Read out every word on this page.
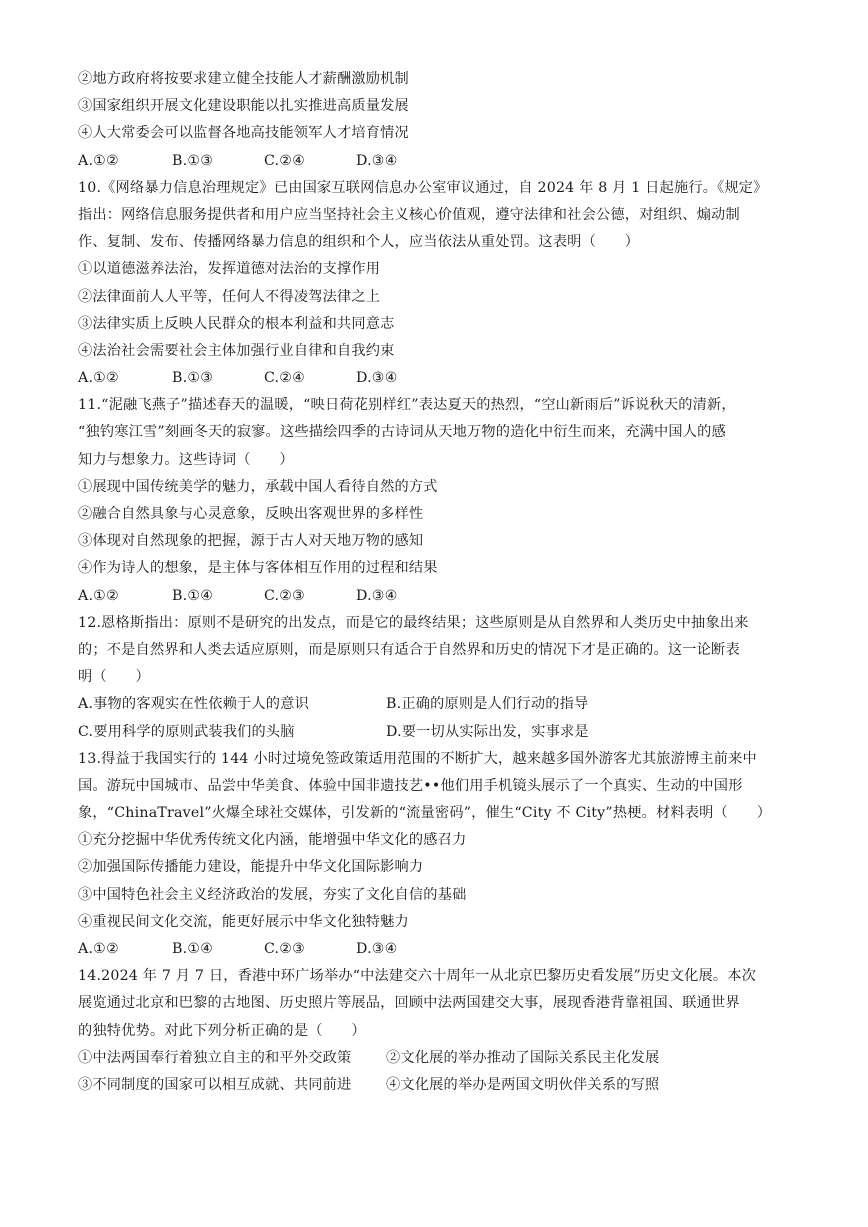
②地方政府将按要求建立健全技能人才薪酬激励机制
③国家组织开展文化建设职能以扎实推进高质量发展
④人大常委会可以监督各地高技能领军人才培育情况
A.①②	B.①③	C.②④	D.③④
10.《网络暴力信息治理规定》已由国家互联网信息办公室审议通过，自 2024 年 8 月 1 日起施行。《规定》
指出：网络信息服务提供者和用户应当坚持社会主义核心价值观，遵守法律和社会公德，对组织、煽动制
作、复制、发布、传播网络暴力信息的组织和个人，应当依法从重处罚。这表明（　　）
①以道德滋养法治，发挥道德对法治的支撑作用
②法律面前人人平等，任何人不得凌驾法律之上
③法律实质上反映人民群众的根本利益和共同意志
④法治社会需要社会主体加强行业自律和自我约束
A.①②	B.①③	C.②④	D.③④
11.“泥融飞燕子”描述春天的温暖，“映日荷花别样红”表达夏天的热烈，“空山新雨后”诉说秋天的清新，
“独钓寒江雪”刻画冬天的寂寥。这些描绘四季的古诗词从天地万物的造化中衍生而来，充满中国人的感
知力与想象力。这些诗词（　　）
①展现中国传统美学的魅力，承载中国人看待自然的方式
②融合自然具象与心灵意象，反映出客观世界的多样性
③体现对自然现象的把握，源于古人对天地万物的感知
④作为诗人的想象，是主体与客体相互作用的过程和结果
A.①②	B.①④	C.②③	D.③④
12.恩格斯指出：原则不是研究的出发点，而是它的最终结果；这些原则是从自然界和人类历史中抽象出来
的；不是自然界和人类去适应原则，而是原则只有适合于自然界和历史的情况下才是正确的。这一论断表
明（　　）
A.事物的客观实在性依赖于人的意识	B.正确的原则是人们行动的指导
C.要用科学的原则武装我们的头脑	D.要一切从实际出发，实事求是
13.得益于我国实行的 144 小时过境免签政策适用范围的不断扩大，越来越多国外游客尤其旅游博主前来中
国。游玩中国城市、品尝中华美食、体验中国非遗技艺••他们用手机镜头展示了一个真实、生动的中国形
象，“ChinaTravel”火爆全球社交媒体，引发新的“流量密码”，催生“City 不 City”热梗。材料表明（　　）
①充分挖掘中华优秀传统文化内涵，能增强中华文化的感召力
②加强国际传播能力建设，能提升中华文化国际影响力
③中国特色社会主义经济政治的发展，夯实了文化自信的基础
④重视民间文化交流，能更好展示中华文化独特魅力
A.①②	B.①④	C.②③	D.③④
14.2024 年 7 月 7 日，香港中环广场举办“中法建交六十周年一从北京巴黎历史看发展”历史文化展。本次
展览通过北京和巴黎的古地图、历史照片等展品，回顾中法两国建交大事，展现香港背靠祖国、联通世界
的独特优势。对此下列分析正确的是（　　）
①中法两国奉行着独立自主的和平外交政策	②文化展的举办推动了国际关系民主化发展
③不同制度的国家可以相互成就、共同前进	④文化展的举办是两国文明伙伴关系的写照
